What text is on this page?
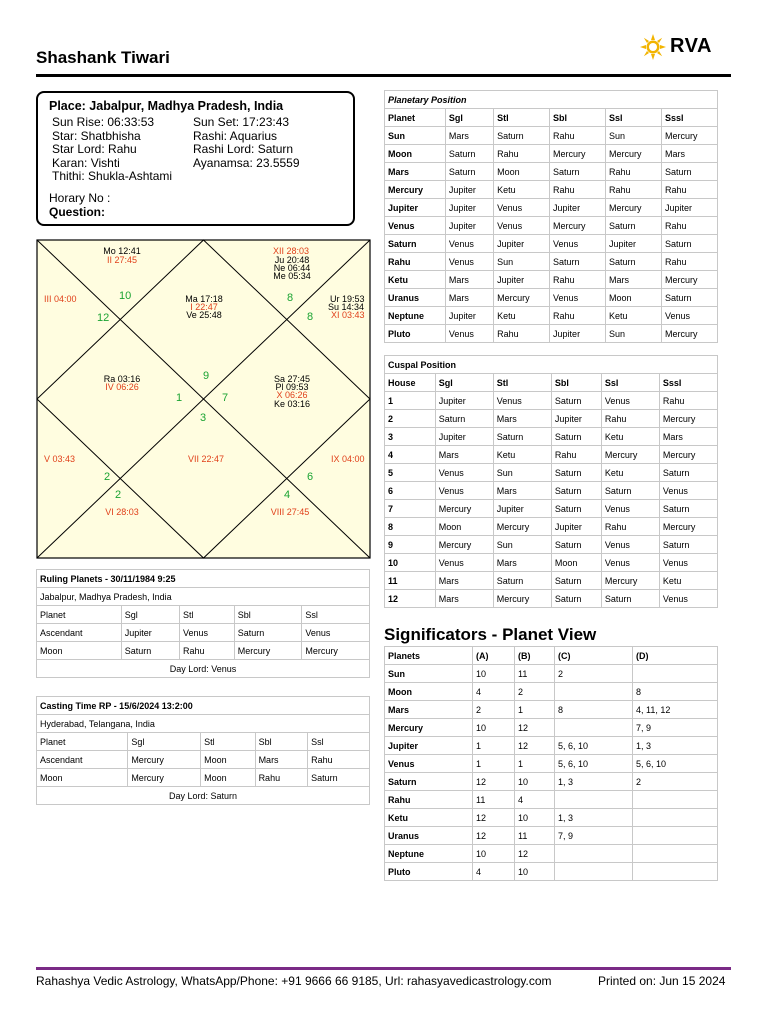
Shashank Tiwari
RVA
Place: Jabalpur, Madhya Pradesh, India
Sun Rise: 06:33:53
Star: Shatbhisha
Star Lord: Rahu
Karan: Vishti
Thithi: Shukla-Ashtami
Sun Set: 17:23:43
Rashi: Aquarius
Rashi Lord: Saturn
Ayanamsa: 23.5559
Horary No :
Question:
Mo 12:41
II 27:45
XII 28:03
Ju 20:48
Ne 06:44
Me 05:34
III 04:00	10
12
Ma 17:18
I 22:47
Ve 25:48
8	Ur 19:53
Su 14:34
8 XI 03:43
Ra 03:16
IV 06:26
9
1	7
3
Sa 27:45
Pl 09:53
X 06:26
Ke 03:16
V 03:43	VII 22:47	IX 04:00
2	6
2	4
VI 28:03	VIII 27:45
Ruling Planets - 30/11/1984 9:25				
Jabalpur, Madhya Pradesh, India				
Planet	Sgl	Stl	Sbl	Ssl
Ascendant	Jupiter	Venus	Saturn	Venus
Moon	Saturn	Rahu	Mercury	Mercury
Day Lord: Venus				
Casting Time RP - 15/6/2024 13:2:00				
Hyderabad, Telangana, India				
Planet	Sgl	Stl	Sbl	Ssl
Ascendant	Mercury	Moon	Mars	Rahu
Moon	Mercury	Moon	Rahu	Saturn
Day Lord: Saturn				
Planetary Position					
Planet	Sgl	Stl	Sbl	Ssl	Sssl
Sun	Mars	Saturn	Rahu	Sun	Mercury
Moon	Saturn	Rahu	Mercury	Mercury	Mars
Mars	Saturn	Moon	Saturn	Rahu	Saturn
Mercury	Jupiter	Ketu	Rahu	Rahu	Rahu
Jupiter	Jupiter	Venus	Jupiter	Mercury	Jupiter
Venus	Jupiter	Venus	Mercury	Saturn	Rahu
Saturn	Venus	Jupiter	Venus	Jupiter	Saturn
Rahu	Venus	Sun	Saturn	Saturn	Rahu
Ketu	Mars	Jupiter	Rahu	Mars	Mercury
Uranus	Mars	Mercury	Venus	Moon	Saturn
Neptune	Jupiter	Ketu	Rahu	Ketu	Venus
Pluto	Venus	Rahu	Jupiter	Sun	Mercury
Cuspal Position					
House	Sgl	Stl	Sbl	Ssl	Sssl
1	Jupiter	Venus	Saturn	Venus	Rahu
2	Saturn	Mars	Jupiter	Rahu	Mercury
3	Jupiter	Saturn	Saturn	Ketu	Mars
4	Mars	Ketu	Rahu	Mercury	Mercury
5	Venus	Sun	Saturn	Ketu	Saturn
6	Venus	Mars	Saturn	Saturn	Venus
7	Mercury	Jupiter	Saturn	Venus	Saturn
8	Moon	Mercury	Jupiter	Rahu	Mercury
9	Mercury	Sun	Saturn	Venus	Saturn
10	Venus	Mars	Moon	Venus	Venus
11	Mars	Saturn	Saturn	Mercury	Ketu
12	Mars	Mercury	Saturn	Saturn	Venus
Significators - Planet View
Planets	(A)	(B)	(C)	(D)
Sun	10	11	2	
Moon	4	2		8
Mars	2	1	8	4, 11, 12
Mercury	10	12		7, 9
Jupiter	1	12	5, 6, 10	1, 3
Venus	1	1	5, 6, 10	5, 6, 10
Saturn	12	10	1, 3	2
Rahu	11	4		
Ketu	12	10	1, 3	
Uranus	12	11	7, 9	
Neptune	10	12		
Pluto	4	10		
Rahashya Vedic Astrology, WhatsApp/Phone: +91 9666 66 9185, Url: rahasyavedicastrology.com	Printed on: Jun 15 2024
